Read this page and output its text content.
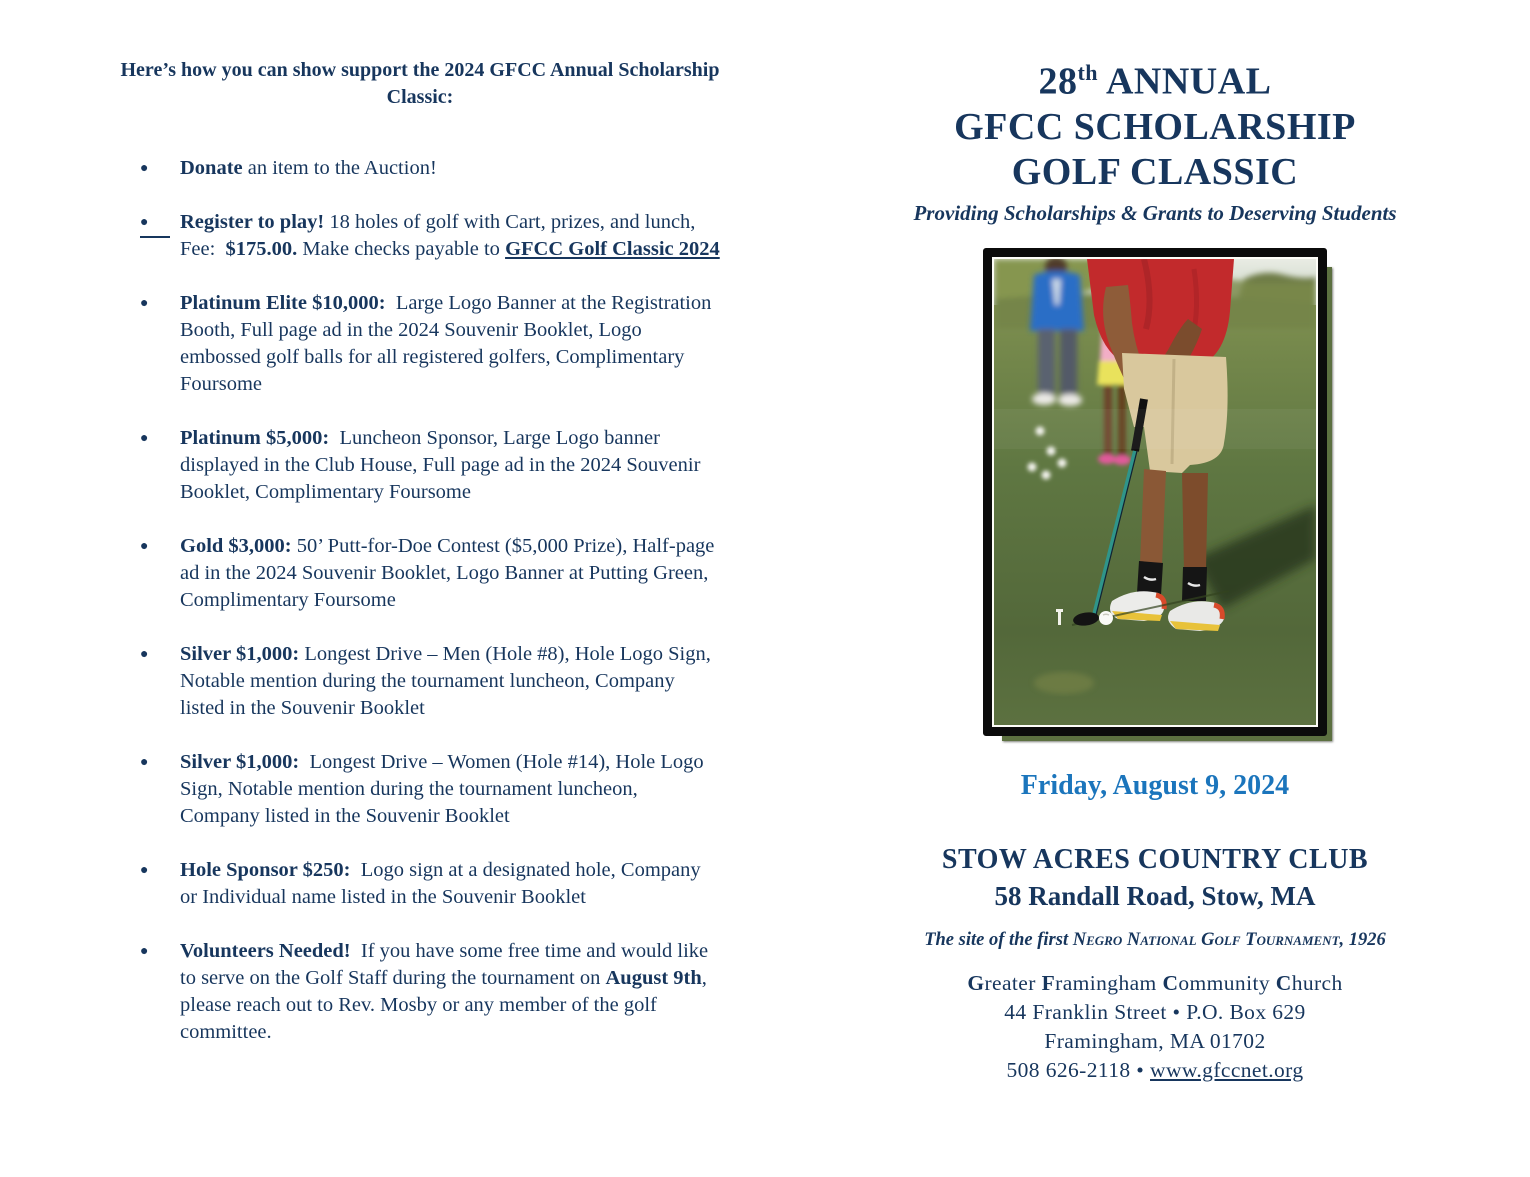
Here’s how you can show support the 2024 GFCC Annual Scholarship Classic:
● Donate an item to the Auction!
●	Register to play! 18 holes of golf with Cart, prizes, and lunch, Fee:  $175.00. Make checks payable to GFCC Golf Classic 2024
● Platinum Elite $10,000:  Large Logo Banner at the Registration Booth, Full page ad in the 2024 Souvenir Booklet, Logo embossed golf balls for all registered golfers, Complimentary Foursome
● Platinum $5,000:  Luncheon Sponsor, Large Logo banner displayed in the Club House, Full page ad in the 2024 Souvenir Booklet, Complimentary Foursome
● Gold $3,000: 50’ Putt-for-Doe Contest ($5,000 Prize), Half-page ad in the 2024 Souvenir Booklet, Logo Banner at Putting Green, Complimentary Foursome
● Silver $1,000: Longest Drive – Men (Hole #8), Hole Logo Sign, Notable mention during the tournament luncheon, Company listed in the Souvenir Booklet
● Silver $1,000:  Longest Drive – Women (Hole #14), Hole Logo Sign, Notable mention during the tournament luncheon, Company listed in the Souvenir Booklet
● Hole Sponsor $250:  Logo sign at a designated hole, Company or Individual name listed in the Souvenir Booklet
● Volunteers Needed!  If you have some free time and would like to serve on the Golf Staff during the tournament on August 9th, please reach out to Rev. Mosby or any member of the golf committee.
28th ANNUAL
GFCC SCHOLARSHIP
GOLF CLASSIC
Providing Scholarships & Grants to Deserving Students
Friday, August 9, 2024
STOW ACRES COUNTRY CLUB
58 Randall Road, Stow, MA
The site of the first Negro National Golf Tournament, 1926
Greater Framingham Community Church
44 Franklin Street • P.O. Box 629
Framingham, MA 01702
508 626-2118 • www.gfccnet.org
